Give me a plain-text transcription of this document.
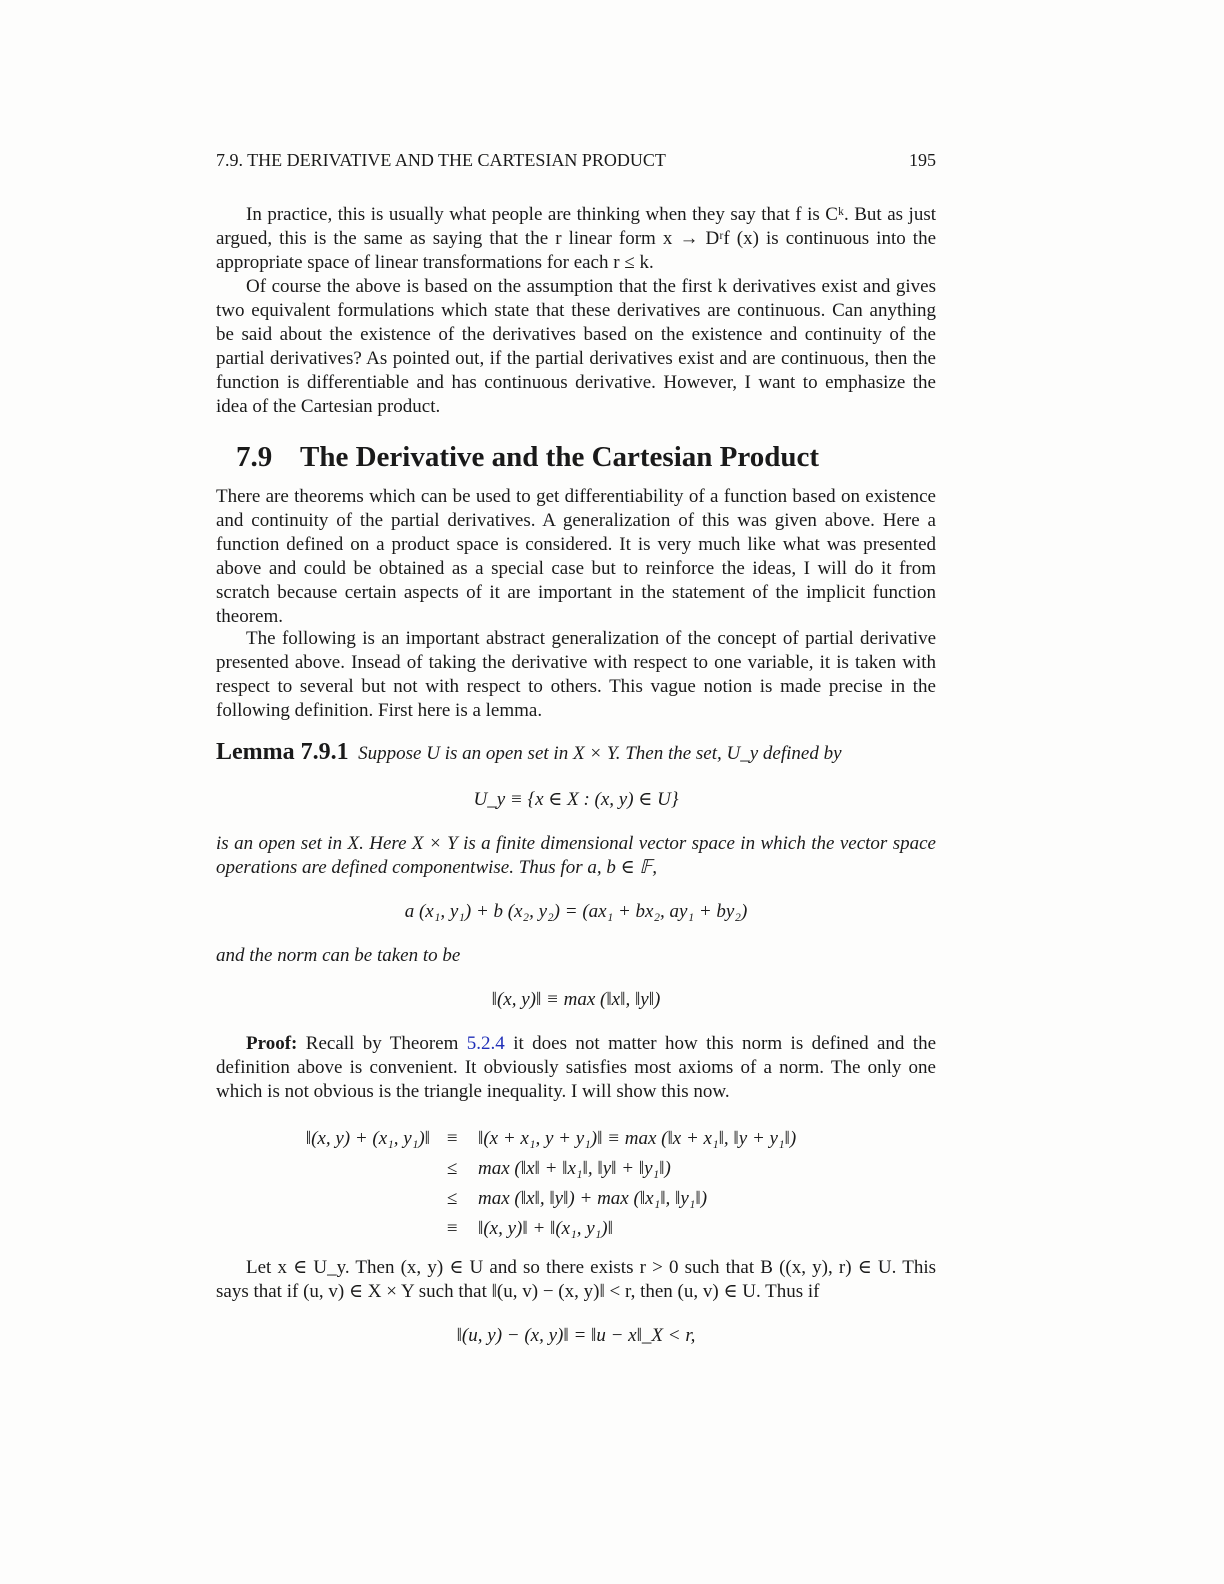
7.9. THE DERIVATIVE AND THE CARTESIAN PRODUCT	195

In practice, this is usually what people are thinking when they say that f is Cᵏ. But as just argued, this is the same as saying that the r linear form x → Dʳf (x) is continuous into the appropriate space of linear transformations for each r ≤ k.

Of course the above is based on the assumption that the first k derivatives exist and gives two equivalent formulations which state that these derivatives are continuous. Can anything be said about the existence of the derivatives based on the existence and continuity of the partial derivatives? As pointed out, if the partial derivatives exist and are continuous, then the function is differentiable and has continuous derivative. However, I want to emphasize the idea of the Cartesian product.

7.9 The Derivative and the Cartesian Product

There are theorems which can be used to get differentiability of a function based on existence and continuity of the partial derivatives. A generalization of this was given above. Here a function defined on a product space is considered. It is very much like what was presented above and could be obtained as a special case but to reinforce the ideas, I will do it from scratch because certain aspects of it are important in the statement of the implicit function theorem.

The following is an important abstract generalization of the concept of partial derivative presented above. Insead of taking the derivative with respect to one variable, it is taken with respect to several but not with respect to others. This vague notion is made precise in the following definition. First here is a lemma.

Lemma 7.9.1 Suppose U is an open set in X × Y. Then the set, U_y defined by

U_y ≡ {x ∈ X : (x, y) ∈ U}

is an open set in X. Here X × Y is a finite dimensional vector space in which the vector space operations are defined componentwise. Thus for a, b ∈ 𝔽,

a (x₁, y₁) + b (x₂, y₂) = (ax₁ + bx₂, ay₁ + by₂)

and the norm can be taken to be

‖(x, y)‖ ≡ max (‖x‖, ‖y‖)

Proof: Recall by Theorem 5.2.4 it does not matter how this norm is defined and the definition above is convenient. It obviously satisfies most axioms of a norm. The only one which is not obvious is the triangle inequality. I will show this now.

‖(x, y) + (x₁, y₁)‖ ≡ ‖(x + x₁, y + y₁)‖ ≡ max (‖x + x₁‖, ‖y + y₁‖)
≤ max (‖x‖ + ‖x₁‖, ‖y‖ + ‖y₁‖)
≤ max (‖x‖, ‖y‖) + max (‖x₁‖, ‖y₁‖)
≡ ‖(x, y)‖ + ‖(x₁, y₁)‖

Let x ∈ U_y. Then (x, y) ∈ U and so there exists r > 0 such that B ((x, y), r) ∈ U. This says that if (u, v) ∈ X × Y such that ‖(u, v) − (x, y)‖ < r, then (u, v) ∈ U. Thus if

‖(u, y) − (x, y)‖ = ‖u − x‖_X < r,
